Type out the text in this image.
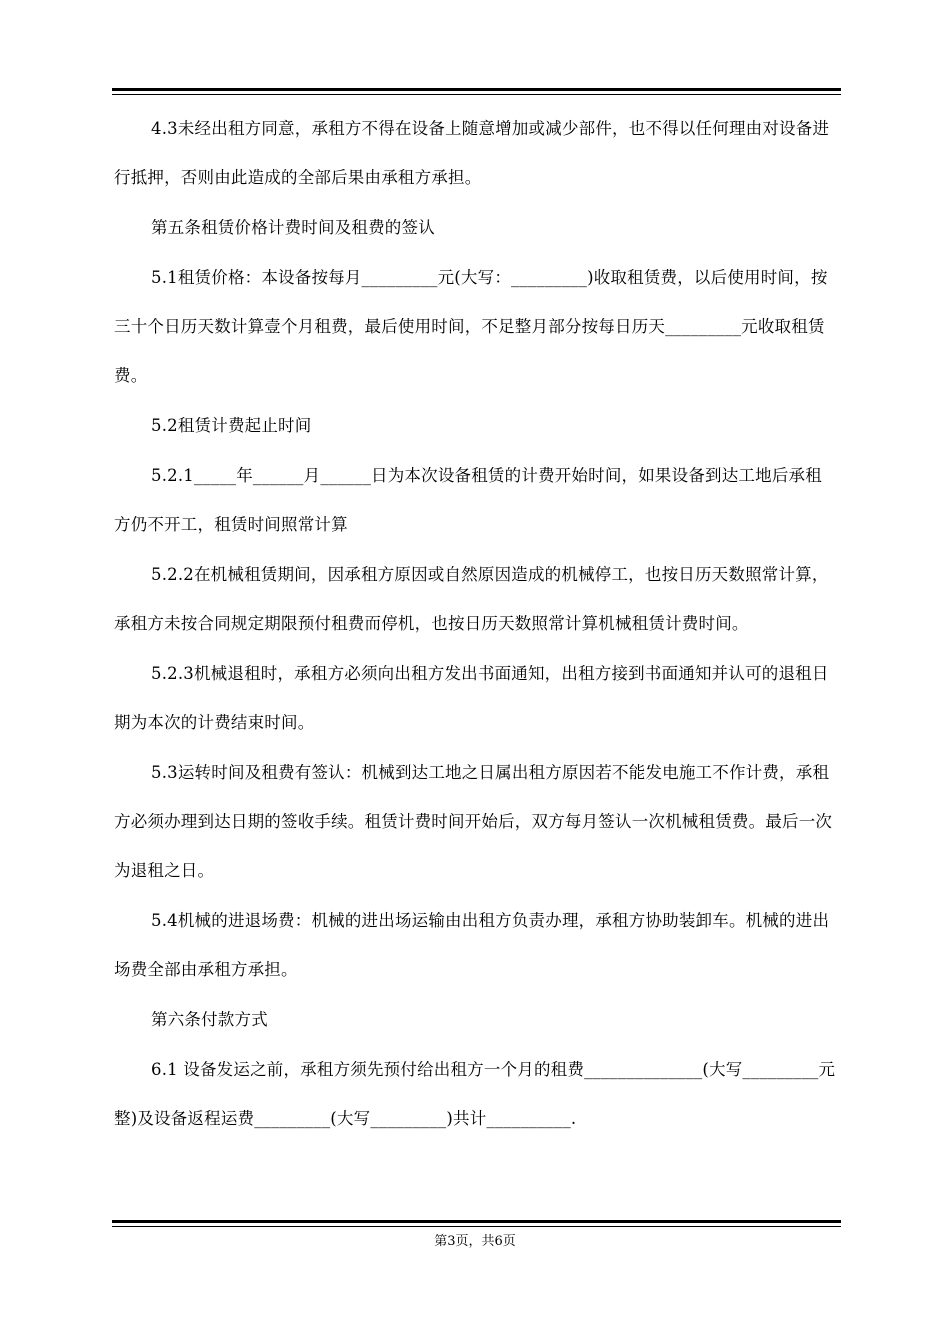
4.3未经出租方同意，承租方不得在设备上随意增加或减少部件，也不得以任何理由对设备进行抵押，否则由此造成的全部后果由承租方承担。

第五条租赁价格计费时间及租费的签认

5.1租赁价格：本设备按每月_________元(大写：_________)收取租赁费，以后使用时间，按三十个日历天数计算壹个月租费，最后使用时间，不足整月部分按每日历天_________元收取租赁费。

5.2租赁计费起止时间

5.2.1_____年______月______日为本次设备租赁的计费开始时间，如果设备到达工地后承租方仍不开工，租赁时间照常计算

5.2.2在机械租赁期间，因承租方原因或自然原因造成的机械停工，也按日历天数照常计算，承租方未按合同规定期限预付租费而停机，也按日历天数照常计算机械租赁计费时间。

5.2.3机械退租时，承租方必须向出租方发出书面通知，出租方接到书面通知并认可的退租日期为本次的计费结束时间。

5.3运转时间及租费有签认：机械到达工地之日属出租方原因若不能发电施工不作计费，承租方必须办理到达日期的签收手续。租赁计费时间开始后，双方每月签认一次机械租赁费。最后一次为退租之日。

5.4机械的进退场费：机械的进出场运输由出租方负责办理，承租方协助装卸车。机械的进出场费全部由承租方承担。

第六条付款方式

6.1 设备发运之前，承租方须先预付给出租方一个月的租费______________(大写_________元整)及设备返程运费_________(大写_________)共计__________.

第3页，共6页
